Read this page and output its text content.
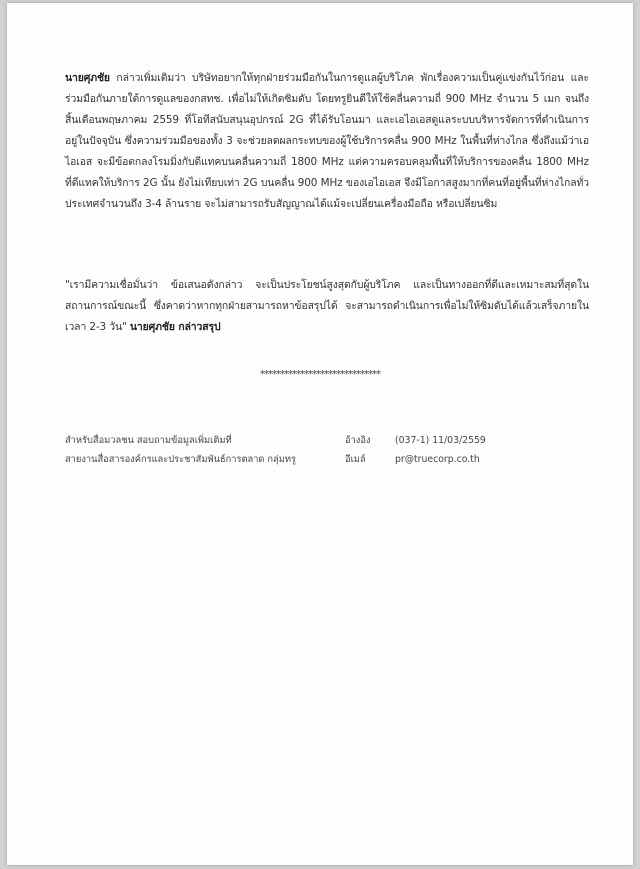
นายศุภชัย กล่าวเพิ่มเติมว่า บริษัทอยากให้ทุกฝ่ายร่วมมือกันในการดูแลผู้บริโภค พักเรื่องความเป็นคู่แข่งกันไว้ก่อน และร่วมมือกันภายใต้การดูแลของกสทช. เพื่อไม่ให้เกิดซิมดับ โดยทรูยินดีให้ใช้คลื่นความถี่ 900 MHz จำนวน 5 เมก จนถึงสิ้นเดือนพฤษภาคม 2559 ที่โอทีสนับสนุนอุปกรณ์ 2G ที่ได้รับโอนมา และเอไอเอสดูแลระบบบริหารจัดการที่ดำเนินการอยู่ในปัจจุบัน ซึ่งความร่วมมือของทั้ง 3 จะช่วยลดผลกระทบของผู้ใช้บริการคลื่น 900 MHz ในพื้นที่ห่างไกล ซึ่งถึงแม้ว่าเอไอเอส จะมีข้อตกลงโรมมิ่งกับดีแทคบนคลื่นความถี่ 1800 MHz แต่ความครอบคลุมพื้นที่ให้บริการของคลื่น 1800 MHz ที่ดีแทคให้บริการ 2G นั้น ยังไม่เทียบเท่า 2G บนคลื่น 900 MHz ของเอไอเอส จึงมีโอกาสสูงมากที่คนที่อยู่พื้นที่ห่างไกลทั่วประเทศจำนวนถึง 3-4 ล้านราย จะไม่สามารถรับสัญญาณได้แม้จะเปลี่ยนเครื่องมือถือ หรือเปลี่ยนซิม

"เรามีความเชื่อมั่นว่า ข้อเสนอดังกล่าว จะเป็นประโยชน์สูงสุดกับผู้บริโภค และเป็นทางออกที่ดีและเหมาะสมที่สุดในสถานการณ์ขณะนี้ ซึ่งคาดว่าหากทุกฝ่ายสามารถหาข้อสรุปได้ จะสามารถดำเนินการเพื่อไม่ให้ซิมดับได้แล้วเสร็จภายในเวลา 2-3 วัน" นายศุภชัย กล่าวสรุป

******************************
สำหรับสื่อมวลชน สอบถามข้อมูลเพิ่มเติมที่
สายงานสื่อสารองค์กรและประชาสัมพันธ์การตลาด กลุ่มทรู
อ้างอิง	(037-1) 11/03/2559
อีเมล์	pr@truecorp.co.th
